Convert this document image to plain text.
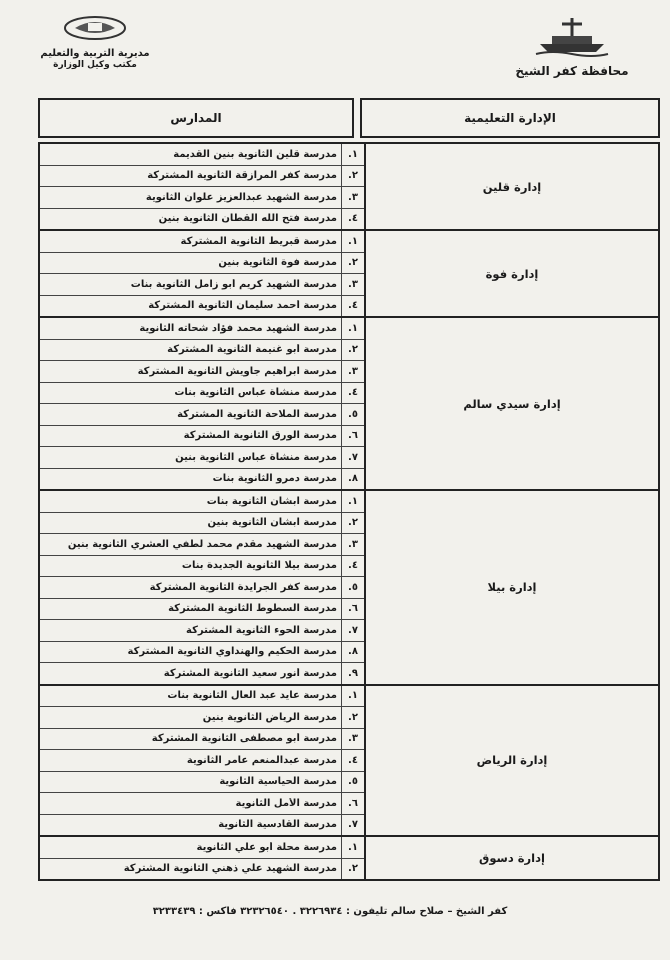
مديرية التربية والتعليم
مكتب وكيل الوزارة	محافظة كفر الشيخ
الإدارة التعليمية
المدارس
إدارة قلين
١.
مدرسة قلين الثانوية بنين القديمة
٢.
مدرسة كفر المرازقة الثانوية المشتركة
٣.
مدرسة الشهيد عبدالعزيز علوان الثانوية
٤.
مدرسة فتح الله القطان الثانوية بنين
إدارة فوة
١.
مدرسة قبريط الثانوية المشتركة
٢.
مدرسة فوة الثانوية بنين
٣.
مدرسة الشهيد كريم أبو زامل الثانوية بنات
٤.
مدرسة أحمد سليمان الثانوية المشتركة
إدارة سيدي سالم
١.
مدرسة الشهيد محمد فؤاد شحاته الثانوية
٢.
مدرسة أبو غنيمة الثانوية المشتركة
٣.
مدرسة ابراهيم جاويش الثانوية المشتركة
٤.
مدرسة منشاة عباس الثانوية بنات
٥.
مدرسة الملاحة الثانوية المشتركة
٦.
مدرسة الورق الثانوية المشتركة
٧.
مدرسة منشاة عباس الثانوية بنين
٨.
مدرسة دمرو الثانوية بنات
إدارة بيلا
١.
مدرسة ابشان الثانوية بنات
٢.
مدرسة ابشان الثانوية بنين
٣.
مدرسة الشهيد مقدم محمد لطفي العشري الثانوية بنين
٤.
مدرسة بيلا الثانوية الجديدة بنات
٥.
مدرسة كفر الجرايدة الثانوية المشتركة
٦.
مدرسة السطوط الثانوية المشتركة
٧.
مدرسة الحوء الثانوية المشتركة
٨.
مدرسة الحكيم والهنداوي الثانوية المشتركة
٩.
مدرسة أنور سعيد الثانوية المشتركة
إدارة الرياض
١.
مدرسة عايد عبد العال الثانوية بنات
٢.
مدرسة الرياض الثانوية بنين
٣.
مدرسة أبو مصطفى الثانوية المشتركة
٤.
مدرسة عبدالمنعم عامر الثانوية
٥.
مدرسة الحياسية الثانوية
٦.
مدرسة الأمل الثانوية
٧.
مدرسة القادسية الثانوية
إدارة دسوق
١.
مدرسة محلة أبو علي الثانوية
٢.
مدرسة الشهيد علي ذهني الثانوية المشتركة
كفر الشيخ – صلاح سالم تليفون : ٣٢٢٦٩٣٤ . ٣٢٣٢٦٥٤٠ فاكس : ٣٢٣٣٤٣٩
